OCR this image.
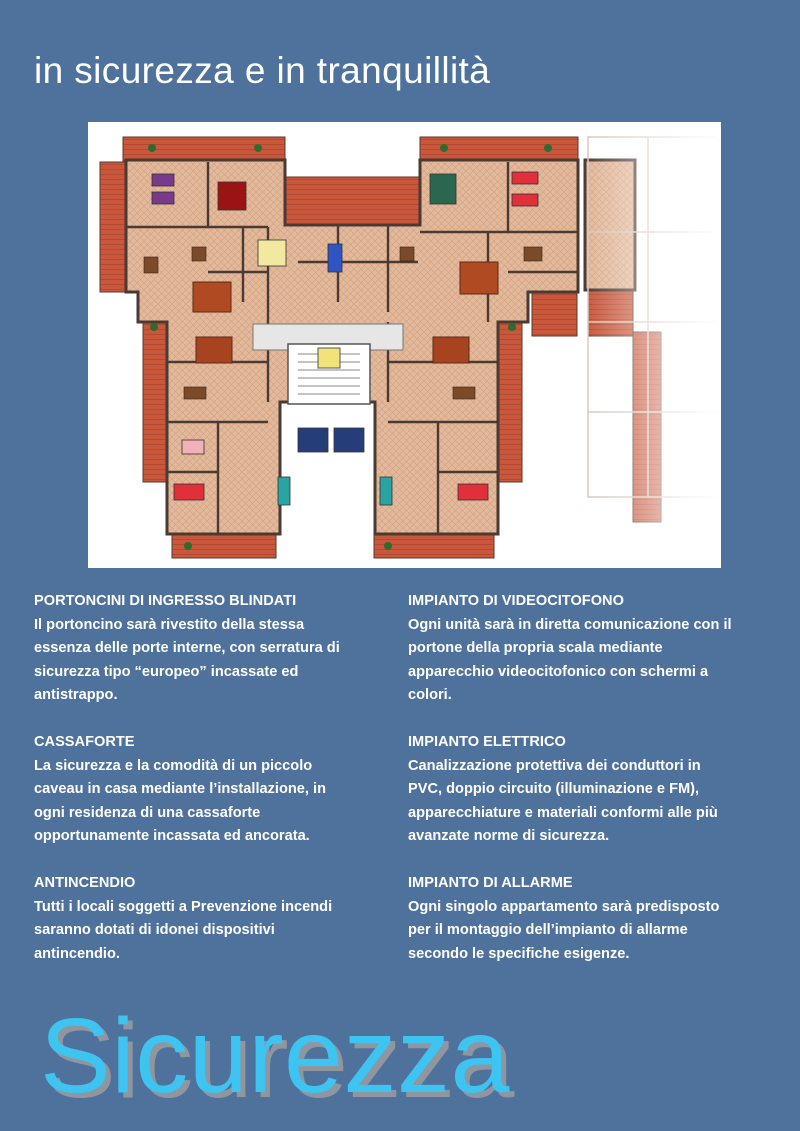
in sicurezza e in tranquillità
PORTONCINI DI INGRESSO BLINDATI

Il portoncino sarà rivestito della stessa
essenza delle porte interne, con serratura di
sicurezza tipo “europeo” incassate ed
antistrappo.

CASSAFORTE

La sicurezza e la comodità di un piccolo
caveau in casa mediante l’installazione, in
ogni residenza di una cassaforte
opportunamente incassata ed ancorata.

ANTINCENDIO

Tutti i locali soggetti a Prevenzione incendi
saranno dotati di idonei dispositivi
antincendio.

IMPIANTO DI VIDEOCITOFONO

Ogni unità sarà in diretta comunicazione con il
portone della propria scala mediante
apparecchio videocitofonico con schermi a
colori.

IMPIANTO ELETTRICO

Canalizzazione protettiva dei conduttori in
PVC, doppio circuito (illuminazione e FM),
apparecchiature e materiali conformi alle più
avanzate norme di sicurezza.

IMPIANTO DI ALLARME

Ogni singolo appartamento sarà predisposto
per il montaggio dell’impianto di allarme
secondo le specifiche esigenze.

Sicurezza
